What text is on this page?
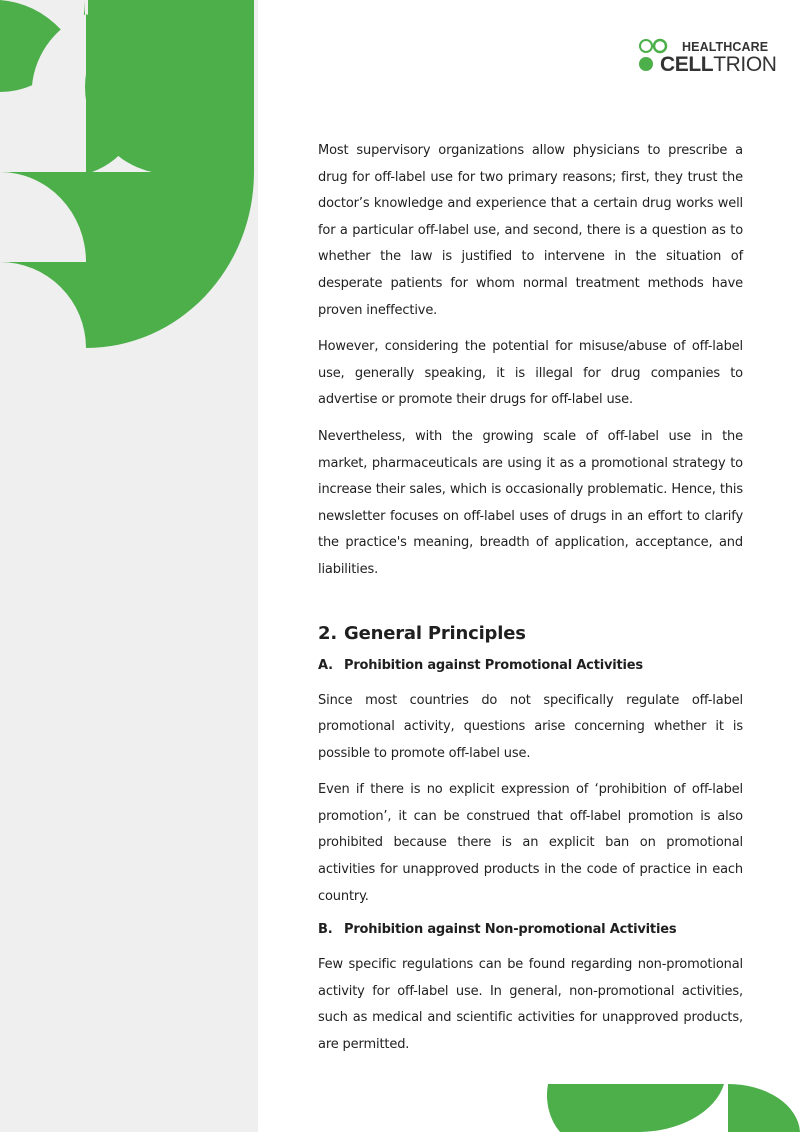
HEALTHCARE
CELLTRION

Most supervisory organizations allow physicians to prescribe a drug for off-label use for two primary reasons; first, they trust the doctor’s knowledge and experience that a certain drug works well for a particular off-label use, and second, there is a question as to whether the law is justified to intervene in the situation of desperate patients for whom normal treatment methods have proven ineffective.

However, considering the potential for misuse/abuse of off-label use, generally speaking, it is illegal for drug companies to advertise or promote their drugs for off-label use.

Nevertheless, with the growing scale of off-label use in the market, pharmaceuticals are using it as a promotional strategy to increase their sales, which is occasionally problematic. Hence, this newsletter focuses on off-label uses of drugs in an effort to clarify the practice's meaning, breadth of application, acceptance, and liabilities.

2. General Principles
A. Prohibition against Promotional Activities

Since most countries do not specifically regulate off-label promotional activity, questions arise concerning whether it is possible to promote off-label use.

Even if there is no explicit expression of ‘prohibition of off-label promotion’, it can be construed that off-label promotion is also prohibited because there is an explicit ban on promotional activities for unapproved products in the code of practice in each country.

B. Prohibition against Non-promotional Activities

Few specific regulations can be found regarding non-promotional activity for off-label use. In general, non-promotional activities, such as medical and scientific activities for unapproved products, are permitted.
